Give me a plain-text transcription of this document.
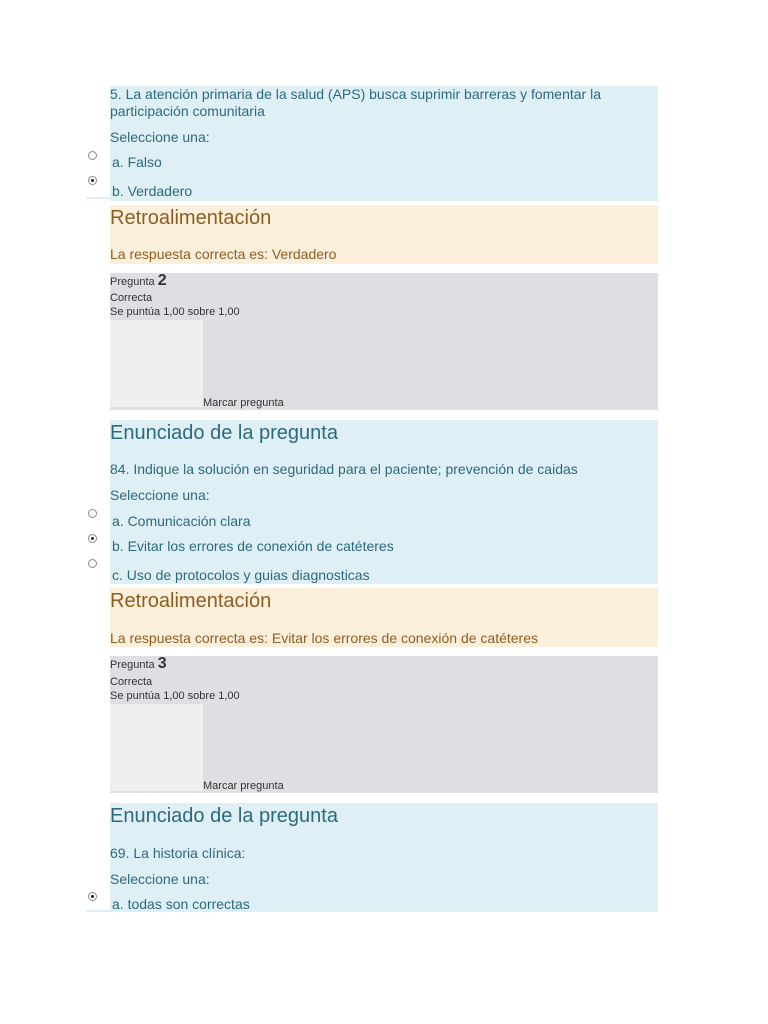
5. La atención primaria de la salud (APS) busca suprimir barreras y fomentar la participación comunitaria
Seleccione una:
a. Falso
b. Verdadero
Retroalimentación
La respuesta correcta es: Verdadero
Pregunta 2
Correcta
Se puntúa 1,00 sobre 1,00
Marcar pregunta
Enunciado de la pregunta
84. Indique la solución en seguridad para el paciente; prevención de caidas
Seleccione una:
a. Comunicación clara
b. Evitar los errores de conexión de catéteres
c. Uso de protocolos y guias diagnosticas
Retroalimentación
La respuesta correcta es: Evitar los errores de conexión de catéteres
Pregunta 3
Correcta
Se puntúa 1,00 sobre 1,00
Marcar pregunta
Enunciado de la pregunta
69. La historia clínica:
Seleccione una:
a. todas son correctas
